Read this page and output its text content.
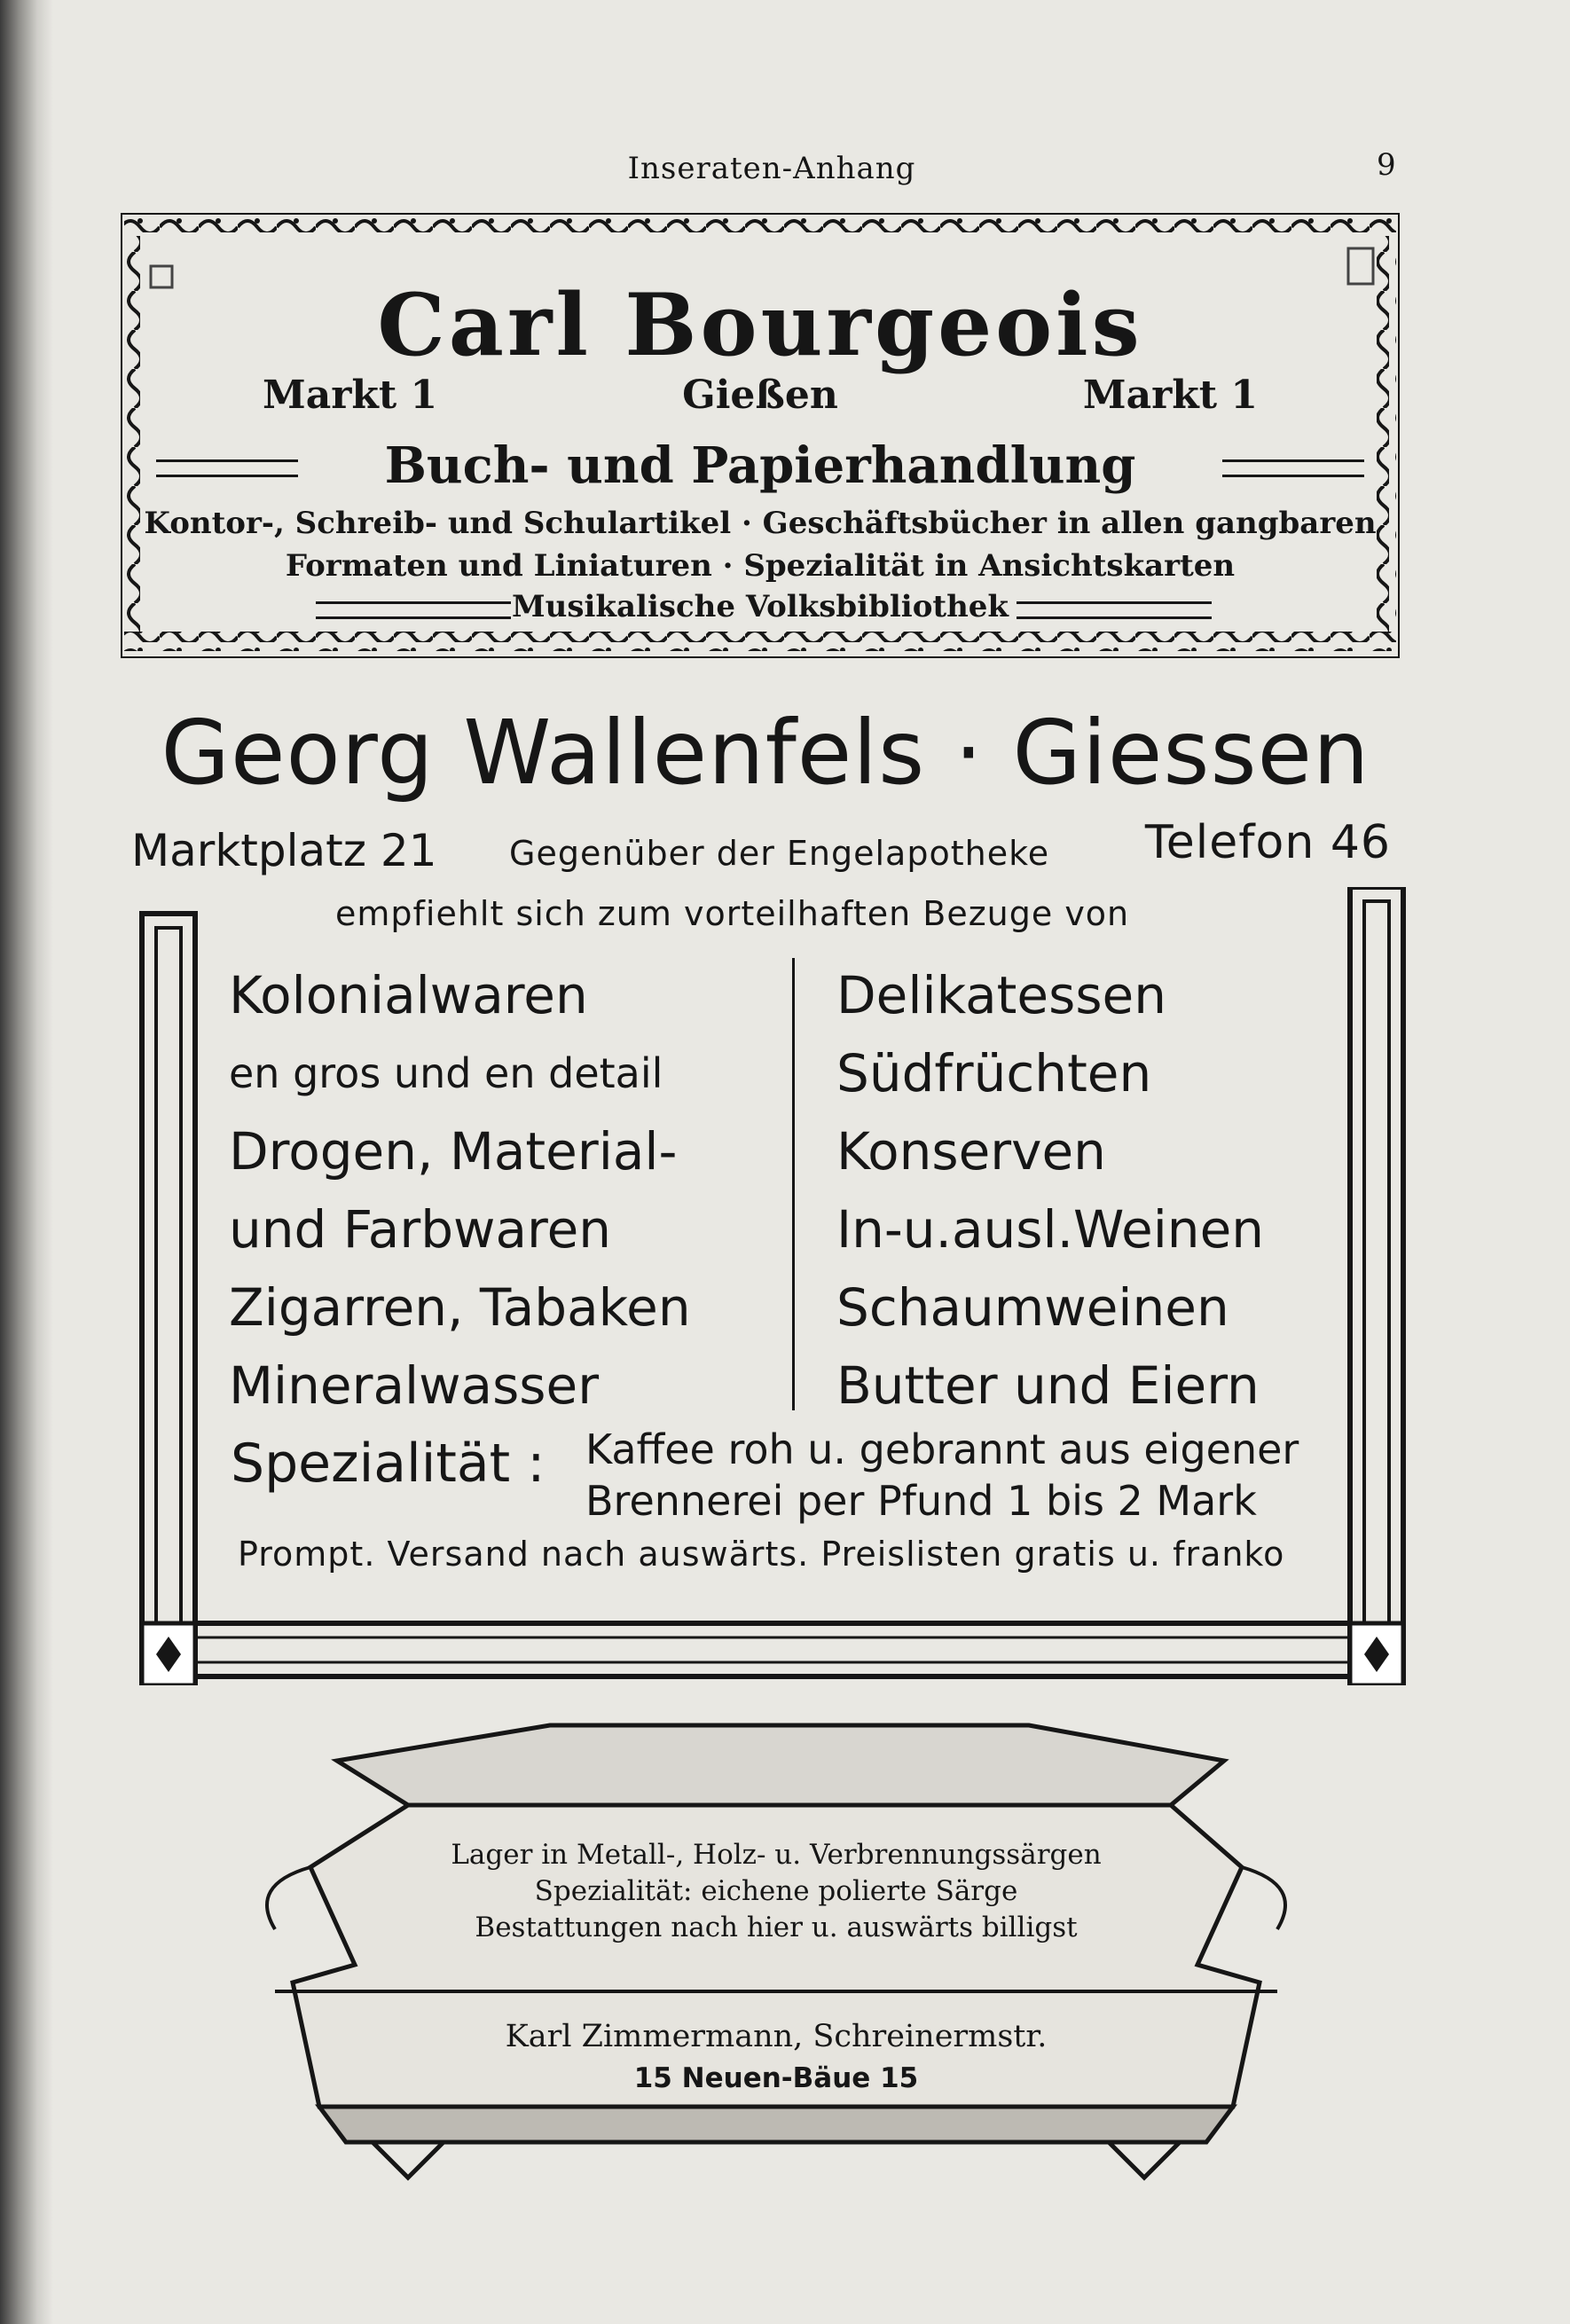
Inseraten-Anhang	9
Carl Bourgeois
Markt 1	Gießen	Markt 1
Buch- und Papierhandlung
Kontor-, Schreib- und Schulartikel · Geschäftsbücher in allen gangbaren
Formaten und Liniaturen · Spezialität in Ansichtskarten
Musikalische Volksbibliothek
Georg Wallenfels · Giessen
Marktplatz 21 Gegenüber der Engelapotheke Telefon 46
empfiehlt sich zum vorteilhaften Bezuge von
Kolonialwaren
en gros und en detail
Drogen, Material-
und Farbwaren
Zigarren, Tabaken
Mineralwasser
Delikatessen
Südfrüchten
Konserven
In-u.ausl.Weinen
Schaumweinen
Butter und Eiern
Spezialität : Kaffee roh u. gebrannt aus eigener
Brennerei per Pfund 1 bis 2 Mark
Prompt. Versand nach auswärts. Preislisten gratis u. franko
Lager in Metall-, Holz- u. Verbrennungssärgen
Spezialität: eichene polierte Särge
Bestattungen nach hier u. auswärts billigst
Karl Zimmermann, Schreinermstr.
15 Neuen-Bäue 15
